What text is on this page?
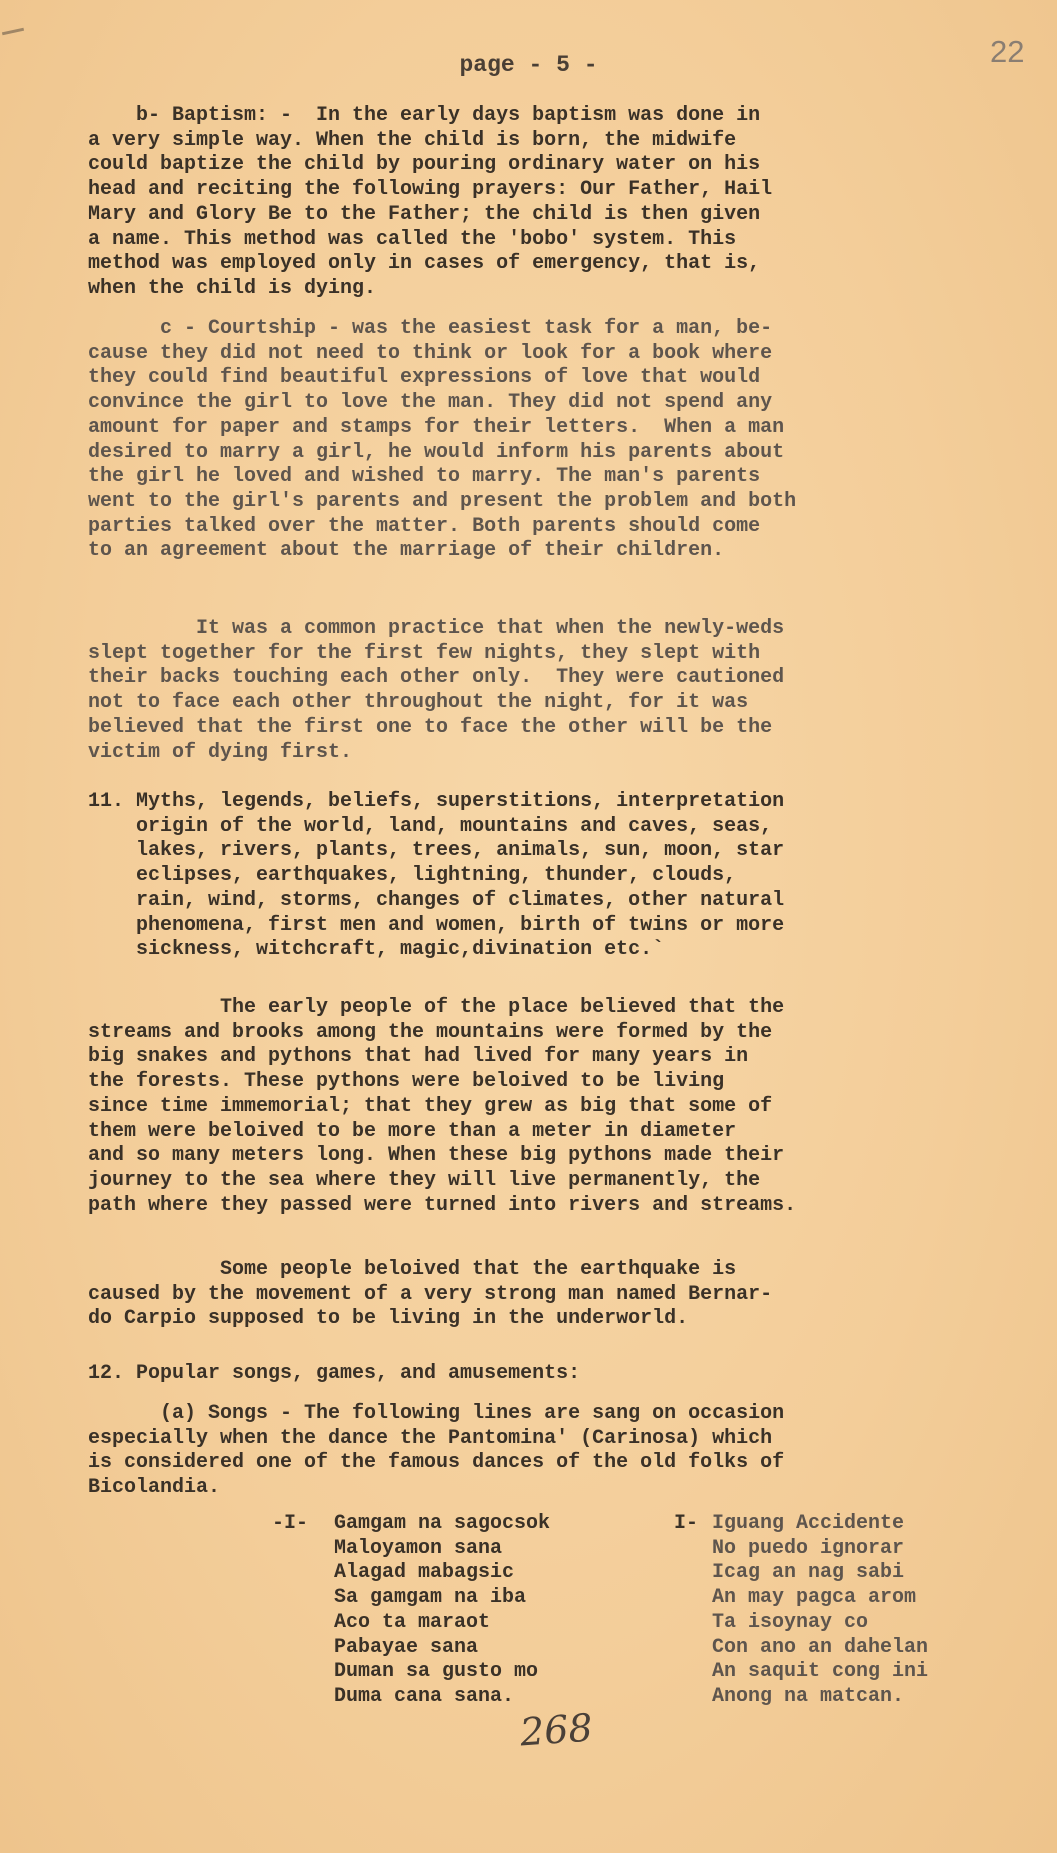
page - 5 -	22
b- Baptism: -  In the early days baptism was done in
a very simple way. When the child is born, the midwife
could baptize the child by pouring ordinary water on his
head and reciting the following prayers: Our Father, Hail
Mary and Glory Be to the Father; the child is then given
a name. This method was called the 'bobo' system. This
method was employed only in cases of emergency, that is,
when the child is dying.
c - Courtship - was the easiest task for a man, be-
cause they did not need to think or look for a book where
they could find beautiful expressions of love that would
convince the girl to love the man. They did not spend any
amount for paper and stamps for their letters.  When a man
desired to marry a girl, he would inform his parents about
the girl he loved and wished to marry. The man's parents
went to the girl's parents and present the problem and both
parties talked over the matter. Both parents should come
to an agreement about the marriage of their children.
It was a common practice that when the newly-weds
slept together for the first few nights, they slept with
their backs touching each other only.  They were cautioned
not to face each other throughout the night, for it was
believed that the first one to face the other will be the
victim of dying first.
11. Myths, legends, beliefs, superstitions, interpretation
origin of the world, land, mountains and caves, seas,
lakes, rivers, plants, trees, animals, sun, moon, star
eclipses, earthquakes, lightning, thunder, clouds,
rain, wind, storms, changes of climates, other natural
phenomena, first men and women, birth of twins or more
sickness, witchcraft, magic,divination etc.`
The early people of the place believed that the
streams and brooks among the mountains were formed by the
big snakes and pythons that had lived for many years in
the forests. These pythons were beloived to be living
since time immemorial; that they grew as big that some of
them were beloived to be more than a meter in diameter
and so many meters long. When these big pythons made their
journey to the sea where they will live permanently, the
path where they passed were turned into rivers and streams.
Some people beloived that the earthquake is
caused by the movement of a very strong man named Bernar-
do Carpio supposed to be living in the underworld.
12. Popular songs, games, and amusements:
(a) Songs - The following lines are sang on occasion
especially when the dance the Pantomina' (Carinosa) which
is considered one of the famous dances of the old folks of
Bicolandia.
-I- Gamgam na sagocsok
Maloyamon sana
Alagad mabagsic
Sa gamgam na iba
Aco ta maraot
Pabayae sana
Duman sa gusto mo
Duma cana sana.
I- Iguang Accidente
No puedo ignorar
Icag an nag sabi
An may pagca arom
Ta isoynay co
Con ano an dahelan
An saquit cong ini
Anong na matcan.
268
